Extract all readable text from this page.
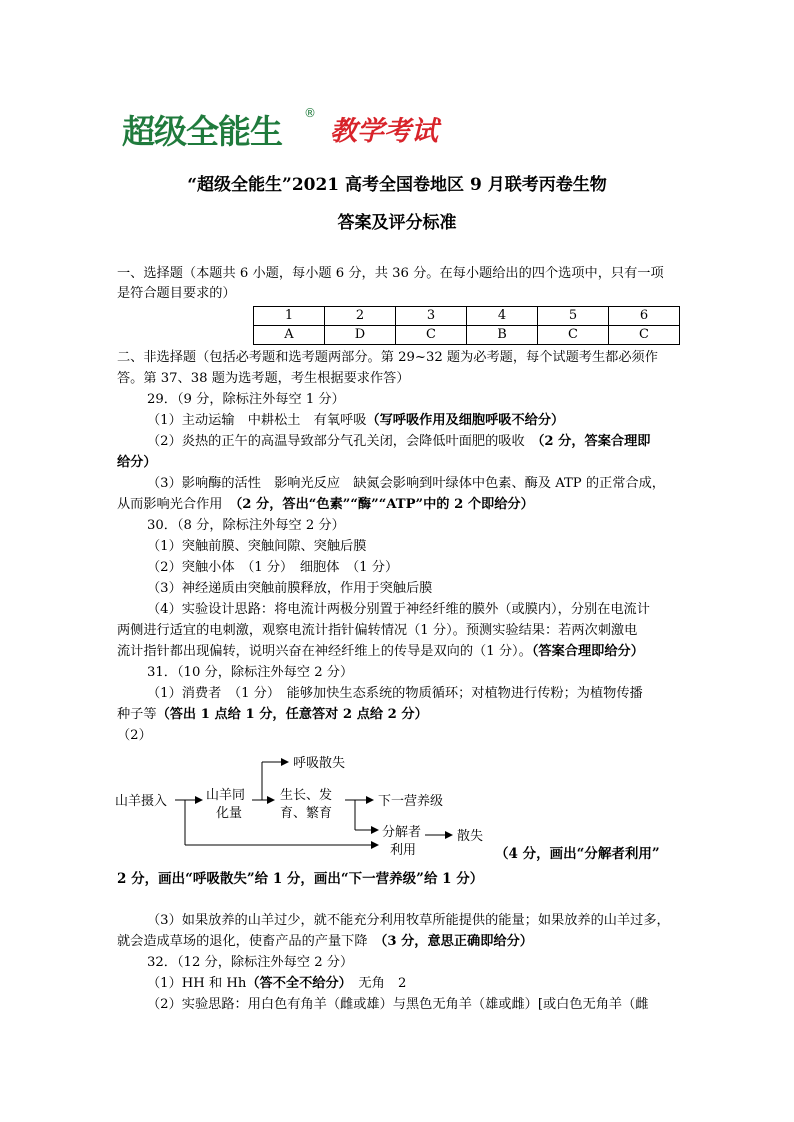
超级全能生 ®
教学考试
“超级全能生”2021 高考全国卷地区 9 月联考丙卷生物
答案及评分标准
一、选择题（本题共 6 小题，每小题 6 分，共 36 分。在每小题给出的四个选项中，只有一项
是符合题目要求的）
1	2	3	4	5	6
A	D	C	B	C	C
二、非选择题（包括必考题和选考题两部分。第 29~32 题为必考题，每个试题考生都必须作
答。第 37、38 题为选考题，考生根据要求作答）
29．（9 分，除标注外每空 1 分）
（1）主动运输　中耕松土　有氧呼吸（写呼吸作用及细胞呼吸不给分）
（2）炎热的正午的高温导致部分气孔关闭，会降低叶面肥的吸收　（2 分，答案合理即
给分）
（3）影响酶的活性　影响光反应　缺氮会影响到叶绿体中色素、酶及 ATP 的正常合成，
从而影响光合作用　（2 分，答出“色素”“酶”“ATP”中的 2 个即给分）
30．（8 分，除标注外每空 2 分）
（1）突触前膜、突触间隙、突触后膜
（2）突触小体　（1 分）　细胞体　（1 分）
（3）神经递质由突触前膜释放，作用于突触后膜
（4）实验设计思路：将电流计两极分别置于神经纤维的膜外（或膜内），分别在电流计
两侧进行适宜的电刺激，观察电流计指针偏转情况（1 分）。预测实验结果：若两次刺激电
流计指针都出现偏转，说明兴奋在神经纤维上的传导是双向的（1 分）。（答案合理即给分）
31．（10 分，除标注外每空 2 分）
（1）消费者　（1 分）　能够加快生态系统的物质循环；对植物进行传粉；为植物传播
种子等（答出 1 点给 1 分，任意答对 2 点给 2 分）
（2）
山羊摄入	山羊同
化量
呼吸散失
生长、发
育、繁育
下一营养级
分解者
利用
散失
（4 分，画出“分解者利用”
2 分，画出“呼吸散失”给 1 分，画出“下一营养级”给 1 分）
（3）如果放养的山羊过少，就不能充分利用牧草所能提供的能量；如果放养的山羊过多，
就会造成草场的退化，使畜产品的产量下降　（3 分，意思正确即给分）
32．（12 分，除标注外每空 2 分）
（1）HH 和 Hh（答不全不给分）　无角　2
（2）实验思路：用白色有角羊（雌或雄）与黑色无角羊（雄或雌）[或白色无角羊（雌
